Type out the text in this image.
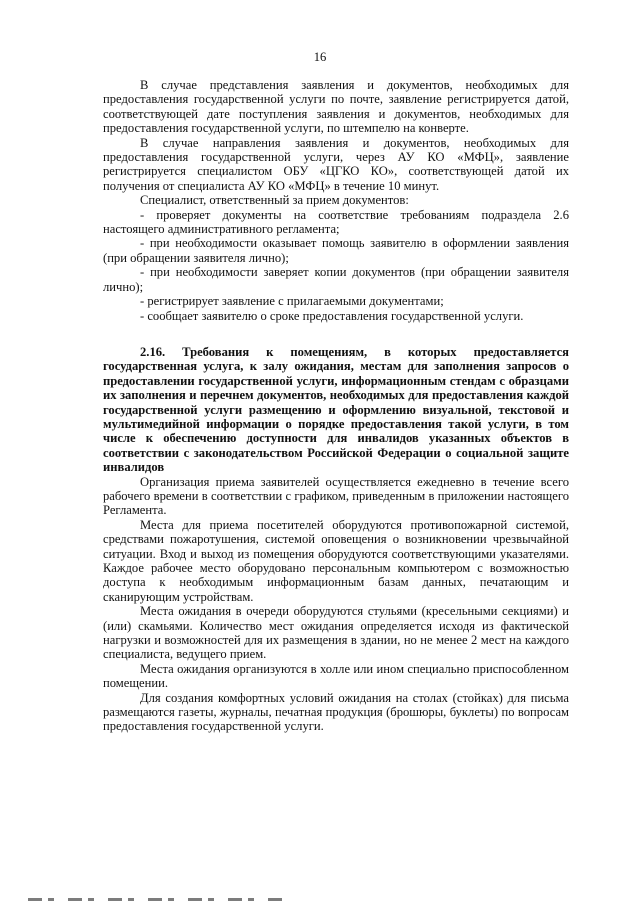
16

В случае представления заявления и документов, необходимых для предоставления государственной услуги по почте, заявление регистрируется датой, соответствующей дате поступления заявления и документов, необходимых для предоставления государственной услуги, по штемпелю на конверте.

В случае направления заявления и документов, необходимых для предоставления государственной услуги, через АУ КО «МФЦ», заявление регистрируется специалистом ОБУ «ЦГКО КО», соответствующей датой их получения от специалиста АУ КО «МФЦ» в течение 10 минут.

Специалист, ответственный за прием документов:

- проверяет документы на соответствие требованиям подраздела 2.6 настоящего административного регламента;

- при необходимости оказывает помощь заявителю в оформлении заявления (при обращении заявителя лично);

- при необходимости заверяет копии документов (при обращении заявителя лично);

- регистрирует заявление с прилагаемыми документами;

- сообщает заявителю о сроке предоставления государственной услуги.

2.16. Требования к помещениям, в которых предоставляется государственная услуга, к залу ожидания, местам для заполнения запросов о предоставлении государственной услуги, информационным стендам с образцами их заполнения и перечнем документов, необходимых для предоставления каждой государственной услуги размещению и оформлению визуальной, текстовой и мультимедийной информации о порядке предоставления такой услуги, в том числе к обеспечению доступности для инвалидов указанных объектов в соответствии с законодательством Российской Федерации о социальной защите инвалидов

Организация приема заявителей осуществляется ежедневно в течение всего рабочего времени в соответствии с графиком, приведенным в приложении настоящего Регламента.

Места для приема посетителей оборудуются противопожарной системой, средствами пожаротушения, системой оповещения о возникновении чрезвычайной ситуации. Вход и выход из помещения оборудуются соответствующими указателями. Каждое рабочее место оборудовано персональным компьютером с возможностью доступа к необходимым информационным базам данных, печатающим и сканирующим устройствам.

Места ожидания в очереди оборудуются стульями (кресельными секциями) и (или) скамьями. Количество мест ожидания определяется исходя из фактической нагрузки и возможностей для их размещения в здании, но не менее 2 мест на каждого специалиста, ведущего прием.

Места ожидания организуются в холле или ином специально приспособленном помещении.

Для создания комфортных условий ожидания на столах (стойках) для письма размещаются газеты, журналы, печатная продукция (брошюры, буклеты) по вопросам предоставления государственной услуги.
